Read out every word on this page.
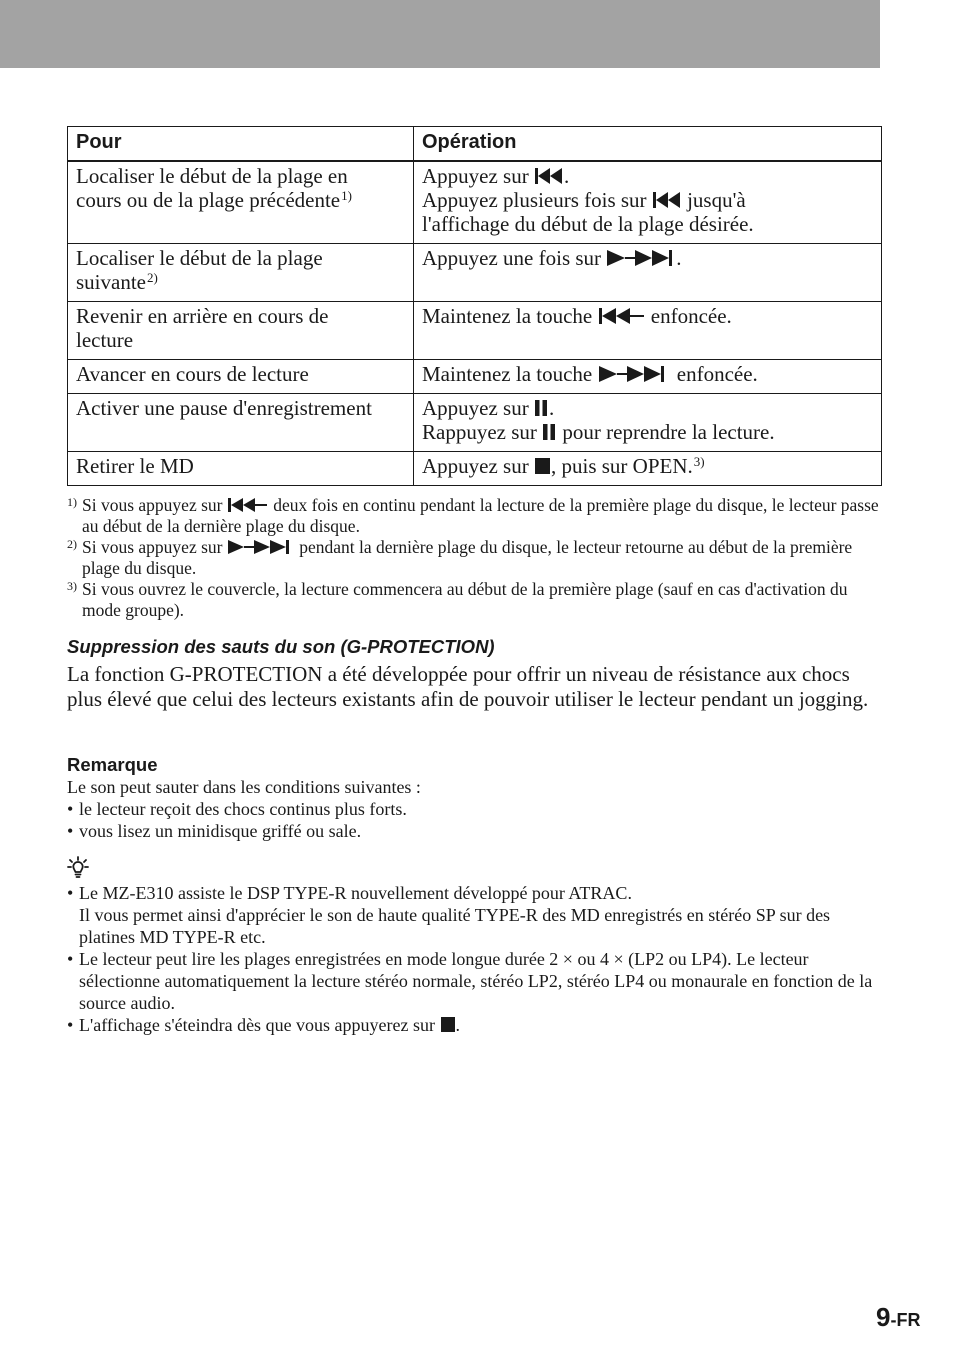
Pour	Opération

Localiser le début de la plage en
cours ou de la plage précédente$^{1)}$	Appuyez sur .
Appuyez plusieurs fois sur  jusqu'à
l'affichage du début de la plage désirée.

Localiser le début de la plage
suivante$^{2)}$	Appuyez une fois sur .

Revenir en arrière en cours de
lecture	Maintenez la touche  enfoncée.

Avancer en cours de lecture	Maintenez la touche enfoncée.

Activer une pause d'enregistrement	Appuyez sur .
Rappuyez sur  pour reprendre la lecture.

Retirer le MD	Appuyez sur , puis sur OPEN.$^{3)}$
1) Si vous appuyez sur  deux fois en continu pendant la lecture de la première plage du disque, le lecteur passe au début de la dernière plage du disque.
2) Si vous appuyez sur	pendant la dernière plage du disque, le lecteur retourne au début de la première plage du disque.
3) Si vous ouvrez le couvercle, la lecture commencera au début de la première plage (sauf en cas d'activation du mode groupe).
Suppression des sauts du son (G-PROTECTION)

La fonction G-PROTECTION a été développée pour offrir un niveau de résistance aux chocs plus élevé que celui des lecteurs existants afin de pouvoir utiliser le lecteur pendant un jogging.

Remarque
Le son peut sauter dans les conditions suivantes :
• le lecteur reçoit des chocs continus plus forts.
• vous lisez un minidisque griffé ou sale.
• Le MZ-E310 assiste le DSP TYPE-R nouvellement développé pour ATRAC.
Il vous permet ainsi d'apprécier le son de haute qualité TYPE-R des MD enregistrés en stéréo SP sur des platines MD TYPE-R etc.
• Le lecteur peut lire les plages enregistrées en mode longue durée 2 × ou 4 × (LP2 ou LP4). Le lecteur sélectionne automatiquement la lecture stéréo normale, stéréo LP2, stéréo LP4 ou monaurale en fonction de la source audio.
• L'affichage s'éteindra dès que vous appuyerez sur .
9-FR
